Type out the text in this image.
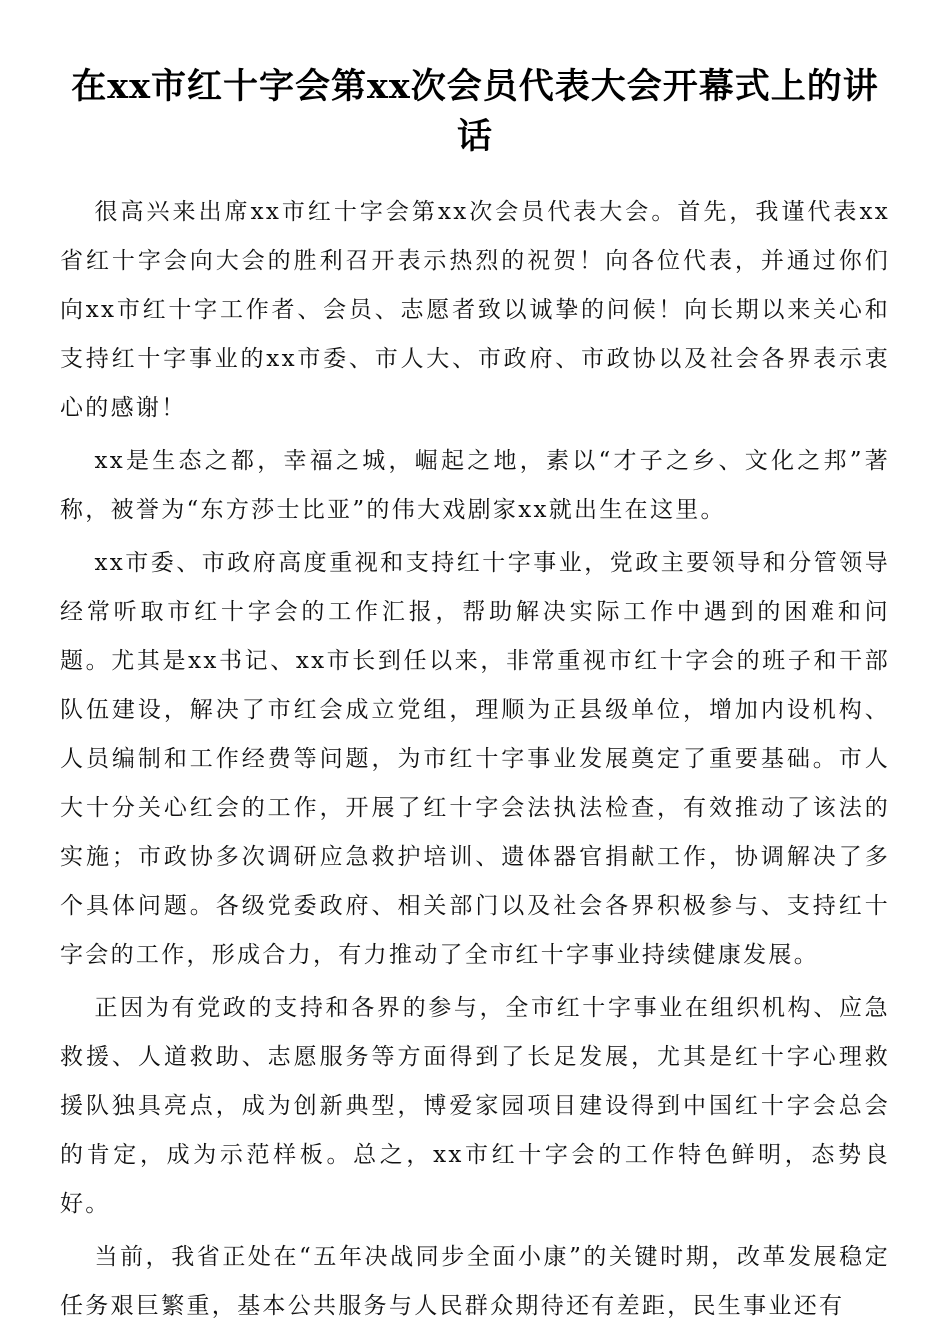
在xx市红十字会第xx次会员代表大会开幕式上的讲话

很高兴来出席xx市红十字会第xx次会员代表大会。首先，我谨代表xx省红十字会向大会的胜利召开表示热烈的祝贺！向各位代表，并通过你们向xx市红十字工作者、会员、志愿者致以诚挚的问候！向长期以来关心和支持红十字事业的xx市委、市人大、市政府、市政协以及社会各界表示衷心的感谢！

xx是生态之都，幸福之城，崛起之地，素以“才子之乡、文化之邦”著称，被誉为“东方莎士比亚”的伟大戏剧家xx就出生在这里。

xx市委、市政府高度重视和支持红十字事业，党政主要领导和分管领导经常听取市红十字会的工作汇报，帮助解决实际工作中遇到的困难和问题。尤其是xx书记、xx市长到任以来，非常重视市红十字会的班子和干部队伍建设，解决了市红会成立党组，理顺为正县级单位，增加内设机构、人员编制和工作经费等问题，为市红十字事业发展奠定了重要基础。市人大十分关心红会的工作，开展了红十字会法执法检查，有效推动了该法的实施；市政协多次调研应急救护培训、遗体器官捐献工作，协调解决了多个具体问题。各级党委政府、相关部门以及社会各界积极参与、支持红十字会的工作，形成合力，有力推动了全市红十字事业持续健康发展。

正因为有党政的支持和各界的参与，全市红十字事业在组织机构、应急救援、人道救助、志愿服务等方面得到了长足发展，尤其是红十字心理救援队独具亮点，成为创新典型，博爱家园项目建设得到中国红十字会总会的肯定，成为示范样板。总之，xx市红十字会的工作特色鲜明，态势良好。

当前，我省正处在“五年决战同步全面小康”的关键时期，改革发展稳定任务艰巨繁重，基本公共服务与人民群众期待还有差距，民生事业还有
